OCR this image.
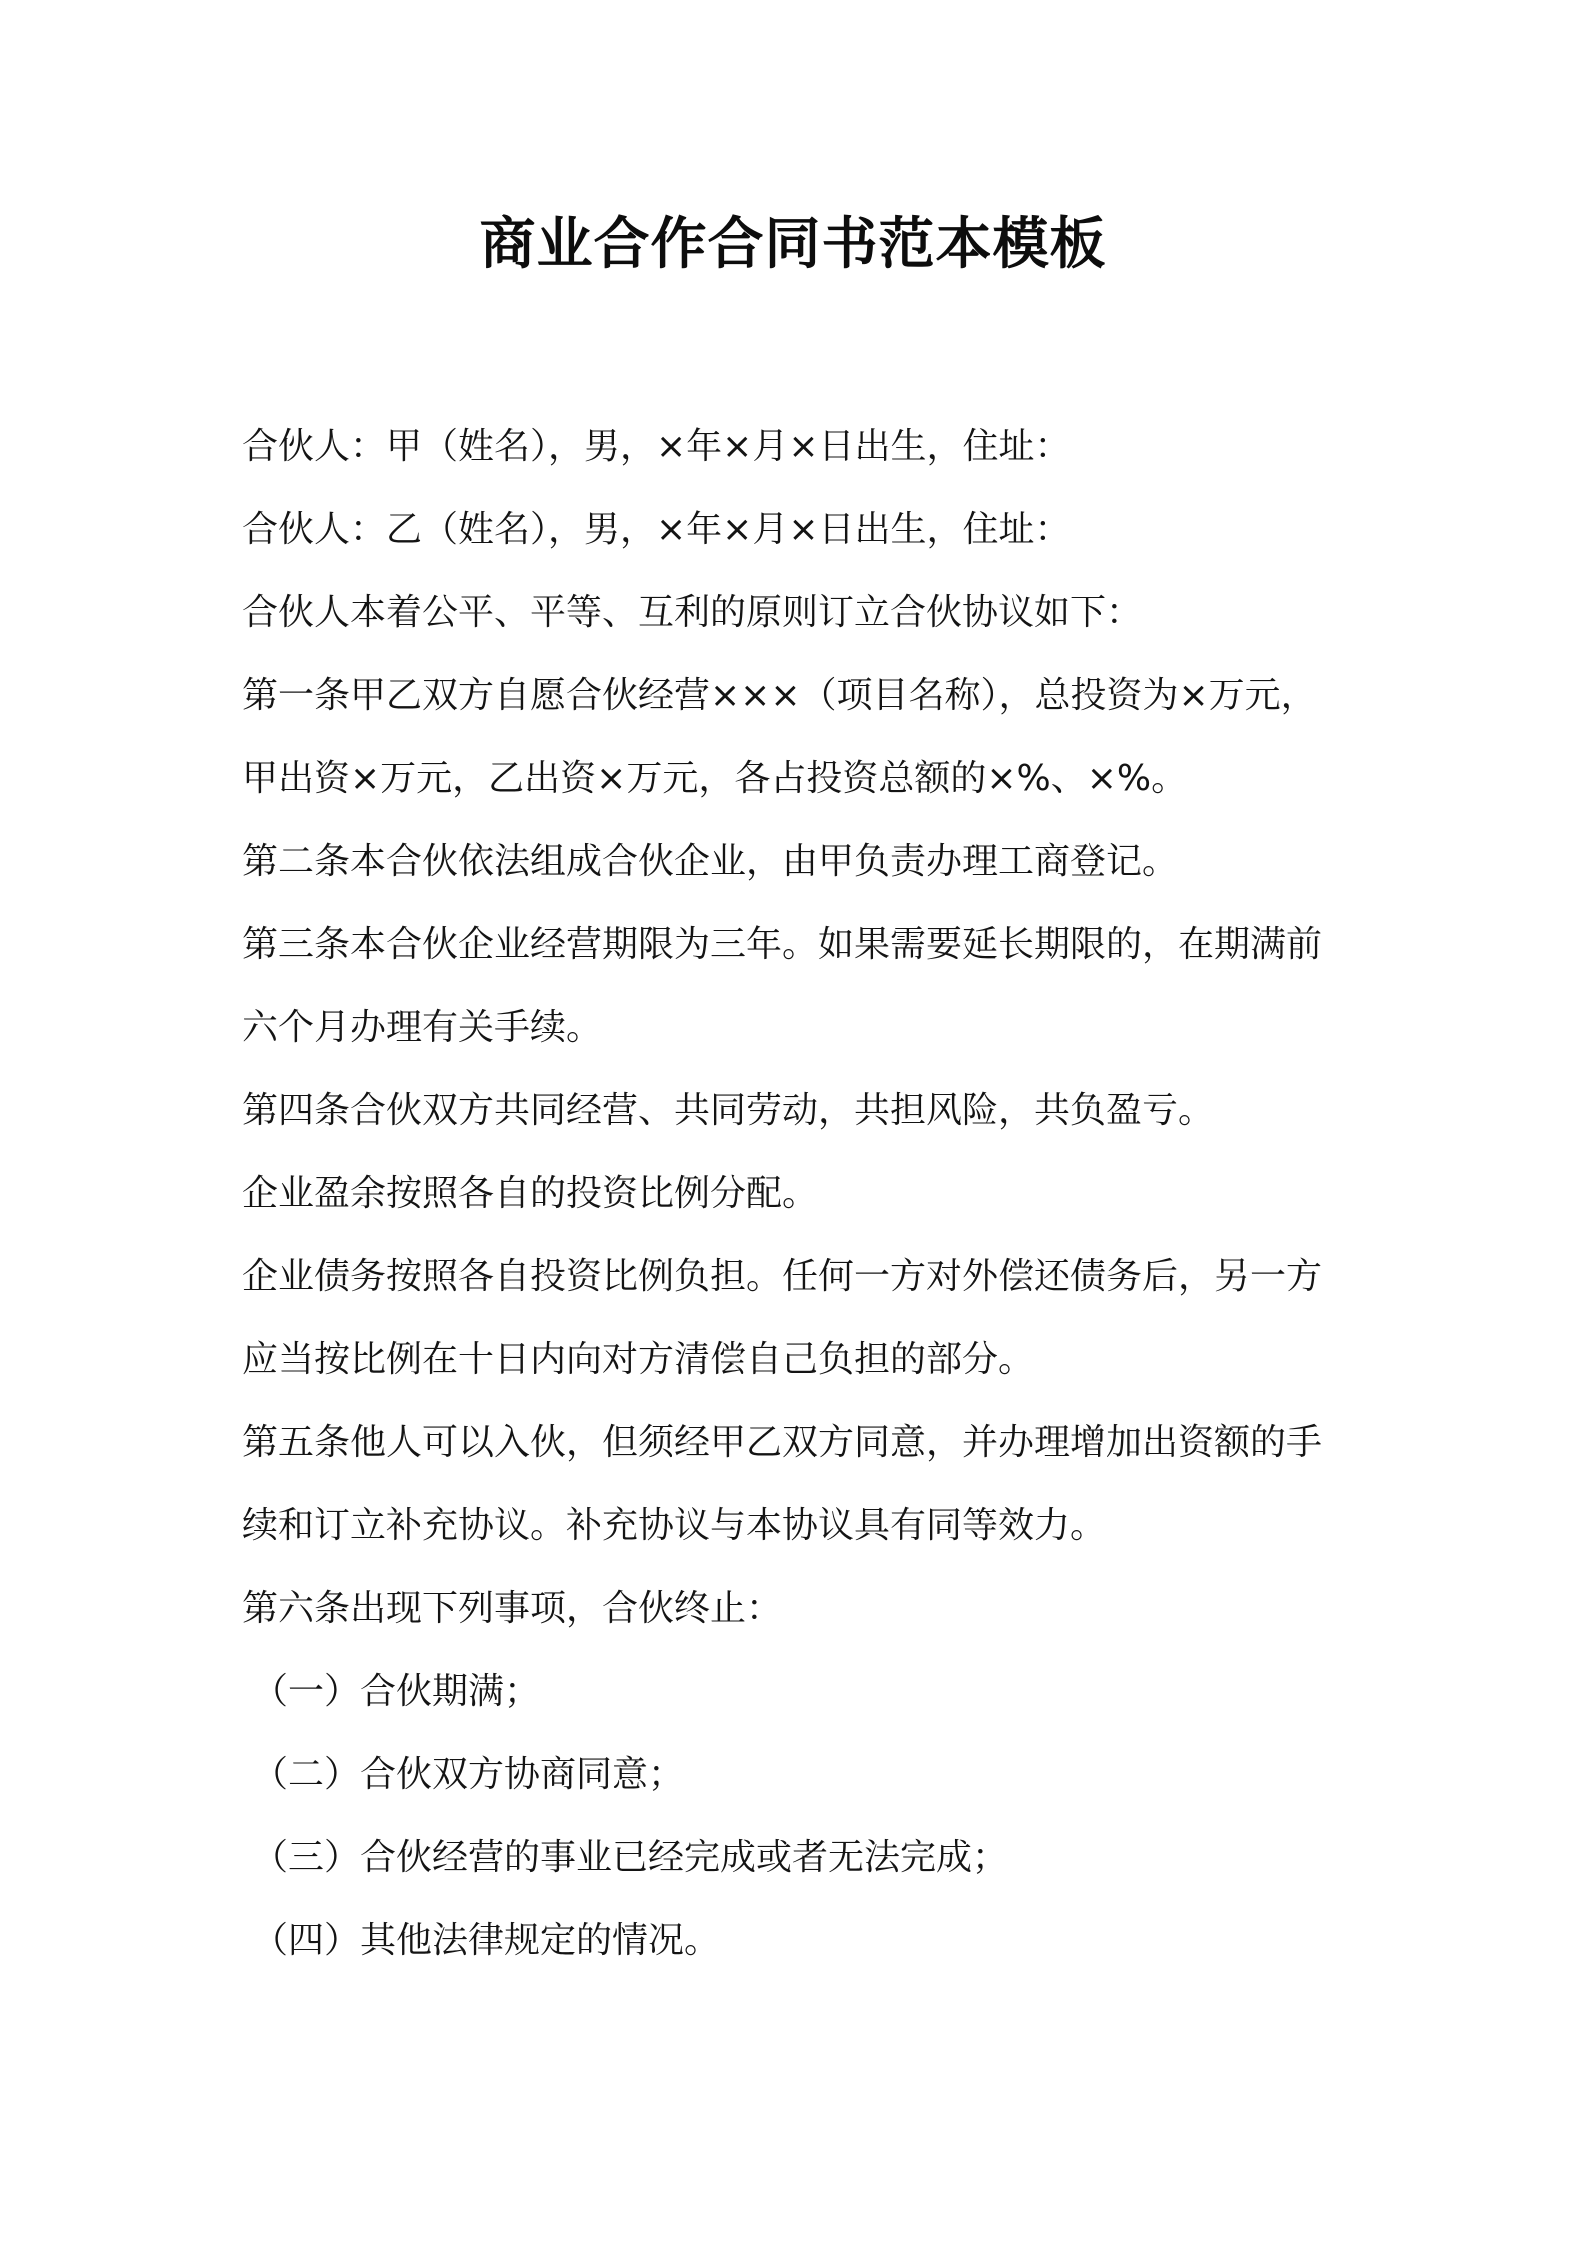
商业合作合同书范本模板

合伙人：甲（姓名），男，×年×月×日出生，住址：

合伙人：乙（姓名），男，×年×月×日出生，住址：

合伙人本着公平、平等、互利的原则订立合伙协议如下：

第一条甲乙双方自愿合伙经营×××（项目名称），总投资为×万元，

甲出资×万元，乙出资×万元，各占投资总额的×%、×%。

第二条本合伙依法组成合伙企业，由甲负责办理工商登记。

第三条本合伙企业经营期限为三年。如果需要延长期限的，在期满前

六个月办理有关手续。

第四条合伙双方共同经营、共同劳动，共担风险，共负盈亏。

企业盈余按照各自的投资比例分配。

企业债务按照各自投资比例负担。任何一方对外偿还债务后，另一方

应当按比例在十日内向对方清偿自己负担的部分。

第五条他人可以入伙，但须经甲乙双方同意，并办理增加出资额的手

续和订立补充协议。补充协议与本协议具有同等效力。

第六条出现下列事项，合伙终止：

（一）合伙期满；

（二）合伙双方协商同意；

（三）合伙经营的事业已经完成或者无法完成；

（四）其他法律规定的情况。
